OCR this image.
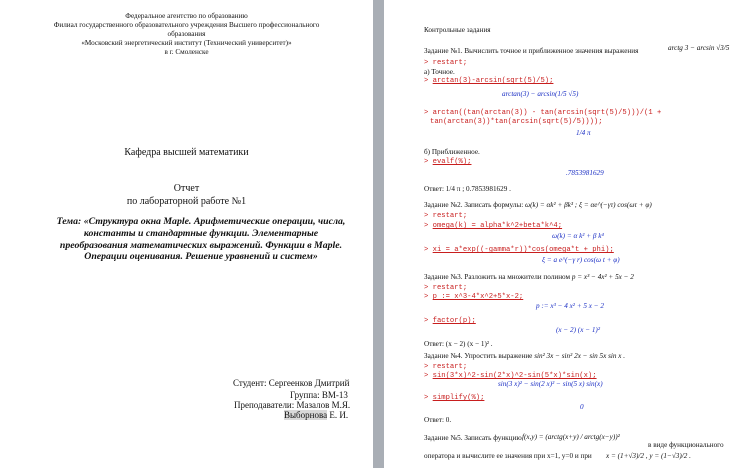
Федеральное агентство по образованию
Филиал государственного образовательного учреждения Высшего профессионального
образования
«Московский энергетический институт (Технический университет)»
в г. Смоленске
Кафедра высшей математики
Отчет
по лабораторной работе №1
Тема: «Структура окна Maple. Арифметические операции, числа, константы и стандартные функции. Элементарные преобразования математических выражений. Функции в Maple. Операции оценивания. Решение уравнений и систем»
Студент: Сергеенков Дмитрий
Группа: ВМ-13
Преподаватели: Мазалов М.Я.
Выборнова Е. И.
Контрольные задания
Задание №1. Вычислить точное и приближенное значения выражения	arctg 3 − arcsin √3/5
> restart;
а) Точное.
> arctan(3)-arcsin(sqrt(5)/5);
arctan(3) − arcsin(1/5 √5)
> arctan((tan(arctan(3)) - tan(arcsin(sqrt(5)/5)))/(1 +
tan(arctan(3))*tan(arcsin(sqrt(5)/5))));
1/4 π
б) Приближенное.
> evalf(%);
.7853981629
Ответ: 1/4 π ; 0.7853981629 .
Задание №2. Записать формулы: ω(k) = αk² + βk³ ; ξ = αe^(−γτ) cos(ωτ + φ)
> restart;
> omega(k) = alpha*k^2+beta*k^4;
ω(k) = α k² + β k⁴
> xi = a*exp((-gamma*r))*cos(omega*t + phi);
ξ = a e^(−γ r) cos(ω t + φ)
Задание №3. Разложить на множители полином p = x³ − 4x² + 5x − 2
> restart;
> p := x^3-4*x^2+5*x-2;
p := x³ − 4 x² + 5 x − 2
> factor(p);
(x − 2) (x − 1)²
Ответ: (x − 2) (x − 1)² .
Задание №4. Упростить выражение sin² 3x − sin² 2x − sin 5x sin x .
> restart;
> sin(3*x)^2-sin(2*x)^2-sin(5*x)*sin(x);
sin(3 x)² − sin(2 x)² − sin(5 x) sin(x)
> simplify(%);
0
Ответ: 0.
Задание №5. Записать функцию f(x,y) = (arctg(x+y) / arctg(x−y))²
в виде функционального
оператора и вычислите ее значения при x=1, y=0 и при x = (1+√3)/2 , y = (1−√3)/2 .
